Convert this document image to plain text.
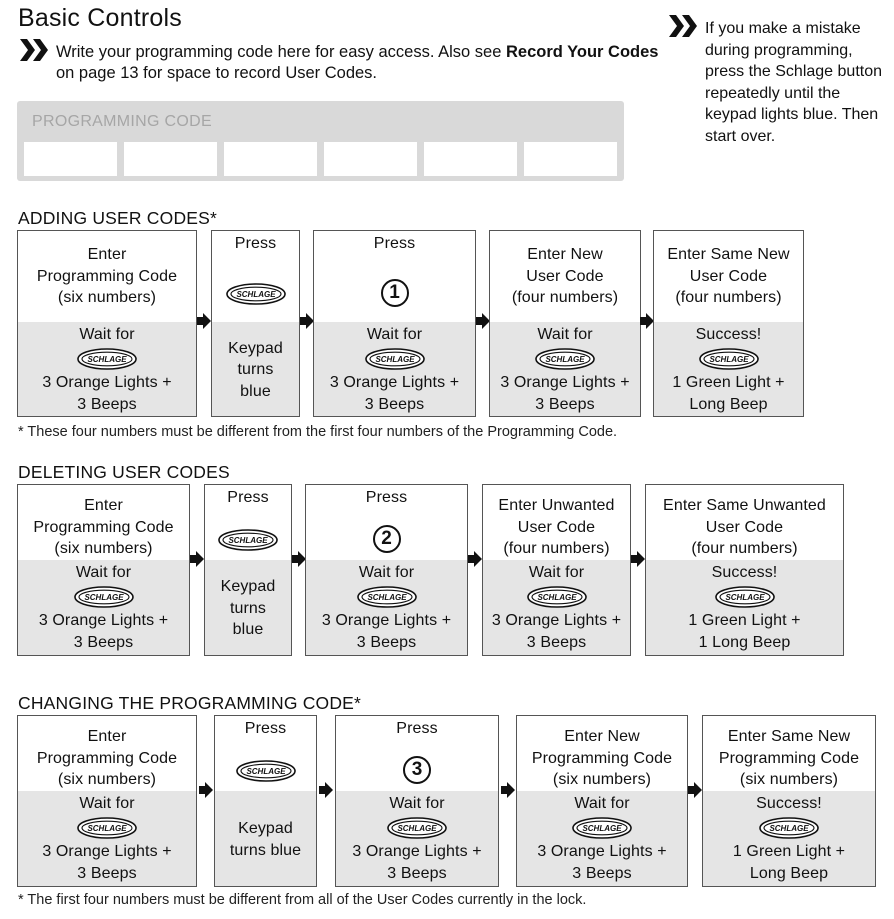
Basic Controls
Write your programming code here for easy access. Also see Record Your Codes on page 13 for space to record User Codes.
If you make a mistake during programming, press the Schlage button repeatedly until the keypad lights blue. Then start over.
PROGRAMMING CODE
ADDING USER CODES*
* These four numbers must be different from the first four numbers of the Programming Code.
DELETING USER CODES
CHANGING THE PROGRAMMING CODE*
* The first four numbers must be different from all of the User Codes currently in the lock.
Enter
Programming Code
(six numbers)
Wait for
SCHLAGE
3 Orange Lights +
3 Beeps
Press
SCHLAGE
Keypad
turns
blue
Press
1
Wait for
SCHLAGE
3 Orange Lights +
3 Beeps
Enter New
User Code
(four numbers)
Wait for
SCHLAGE
3 Orange Lights +
3 Beeps
Enter Same New
User Code
(four numbers)
Success!
SCHLAGE
1 Green Light +
Long Beep
Enter
Programming Code
(six numbers)
Wait for
SCHLAGE
3 Orange Lights +
3 Beeps
Press
SCHLAGE
Keypad
turns
blue
Press
2
Wait for
SCHLAGE
3 Orange Lights +
3 Beeps
Enter Unwanted
User Code
(four numbers)
Wait for
SCHLAGE
3 Orange Lights +
3 Beeps
Enter Same Unwanted
User Code
(four numbers)
Success!
SCHLAGE
1 Green Light +
1 Long Beep
Enter
Programming Code
(six numbers)
Wait for
SCHLAGE
3 Orange Lights +
3 Beeps
Press
SCHLAGE
Keypad
turns blue
Press
3
Wait for
SCHLAGE
3 Orange Lights +
3 Beeps
Enter New
Programming Code
(six numbers)
Wait for
SCHLAGE
3 Orange Lights +
3 Beeps
Enter Same New
Programming Code
(six numbers)
Success!
SCHLAGE
1 Green Light +
Long Beep
